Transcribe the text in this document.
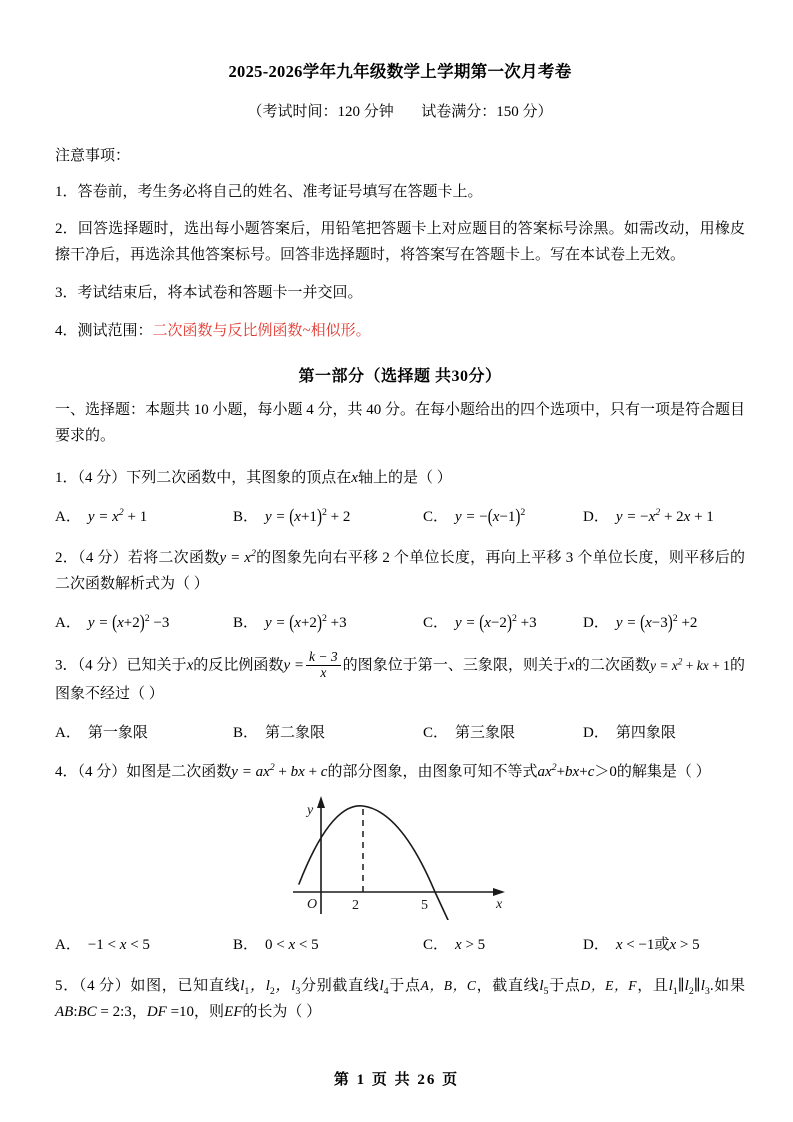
2025-2026学年九年级数学上学期第一次月考卷
（考试时间：120 分钟 试卷满分：150 分）
注意事项：
1．答卷前，考生务必将自己的姓名、准考证号填写在答题卡上。
2．回答选择题时，选出每小题答案后，用铅笔把答题卡上对应题目的答案标号涂黑。如需改动，用橡皮擦干净后，再选涂其他答案标号。回答非选择题时，将答案写在答题卡上。写在本试卷上无效。
3．考试结束后，将本试卷和答题卡一并交回。
4．测试范围：二次函数与反比例函数~相似形。
第一部分（选择题 共30分）
一、选择题：本题共 10 小题，每小题 4 分，共 40 分。在每小题给出的四个选项中，只有一项是符合题目要求的。
1．（4 分）下列二次函数中，其图象的顶点在x轴上的是（ ）
A． $y = x^2 + 1$	B． $y = (x+1)^2 + 2$	C． $y = -(x-1)^2$	D． $y = -x^2 + 2x + 1$
2．（4 分）若将二次函数$y = x^2$的图象先向右平移 2 个单位长度，再向上平移 3 个单位长度，则平移后的二次函数解析式为（ ）
A． $y = (x+2)^2 -3$	B． $y = (x+2)^2 +3$	C． $y = (x-2)^2 +3$	D． $y = (x-3)^2 +2$
3．（4 分）已知关于x的反比例函数$y = \frac{k - 3}{x}$ 的图象位于第一、三象限，则关于x的二次函数$y = x^2$ + kx + 1的图象不经过（ ）
A． 第一象限	B． 第二象限	C． 第三象限	D． 第四象限
4．（4 分）如图是二次函数$y = ax^2$ + bx + c的部分图象，由图象可知不等式$ax^2+bx+c>0$的解集是（ ）
y
x
O 2	5
A． −1 < x < 5	B． 0 < x < 5	C． x > 5	D． x < −1或x > 5
5．（4 分）如图，已知直线$l_1$，$l_2$，$l_3$分别截直线$l_4$于点A，B，C，截直线$l_5$于点D，E，F，且$l_1\parallel l_2\parallel l_3$.如果AB:BC = 2:3，DF =10，则EF的长为（ ）
第 1 页 共 26 页
